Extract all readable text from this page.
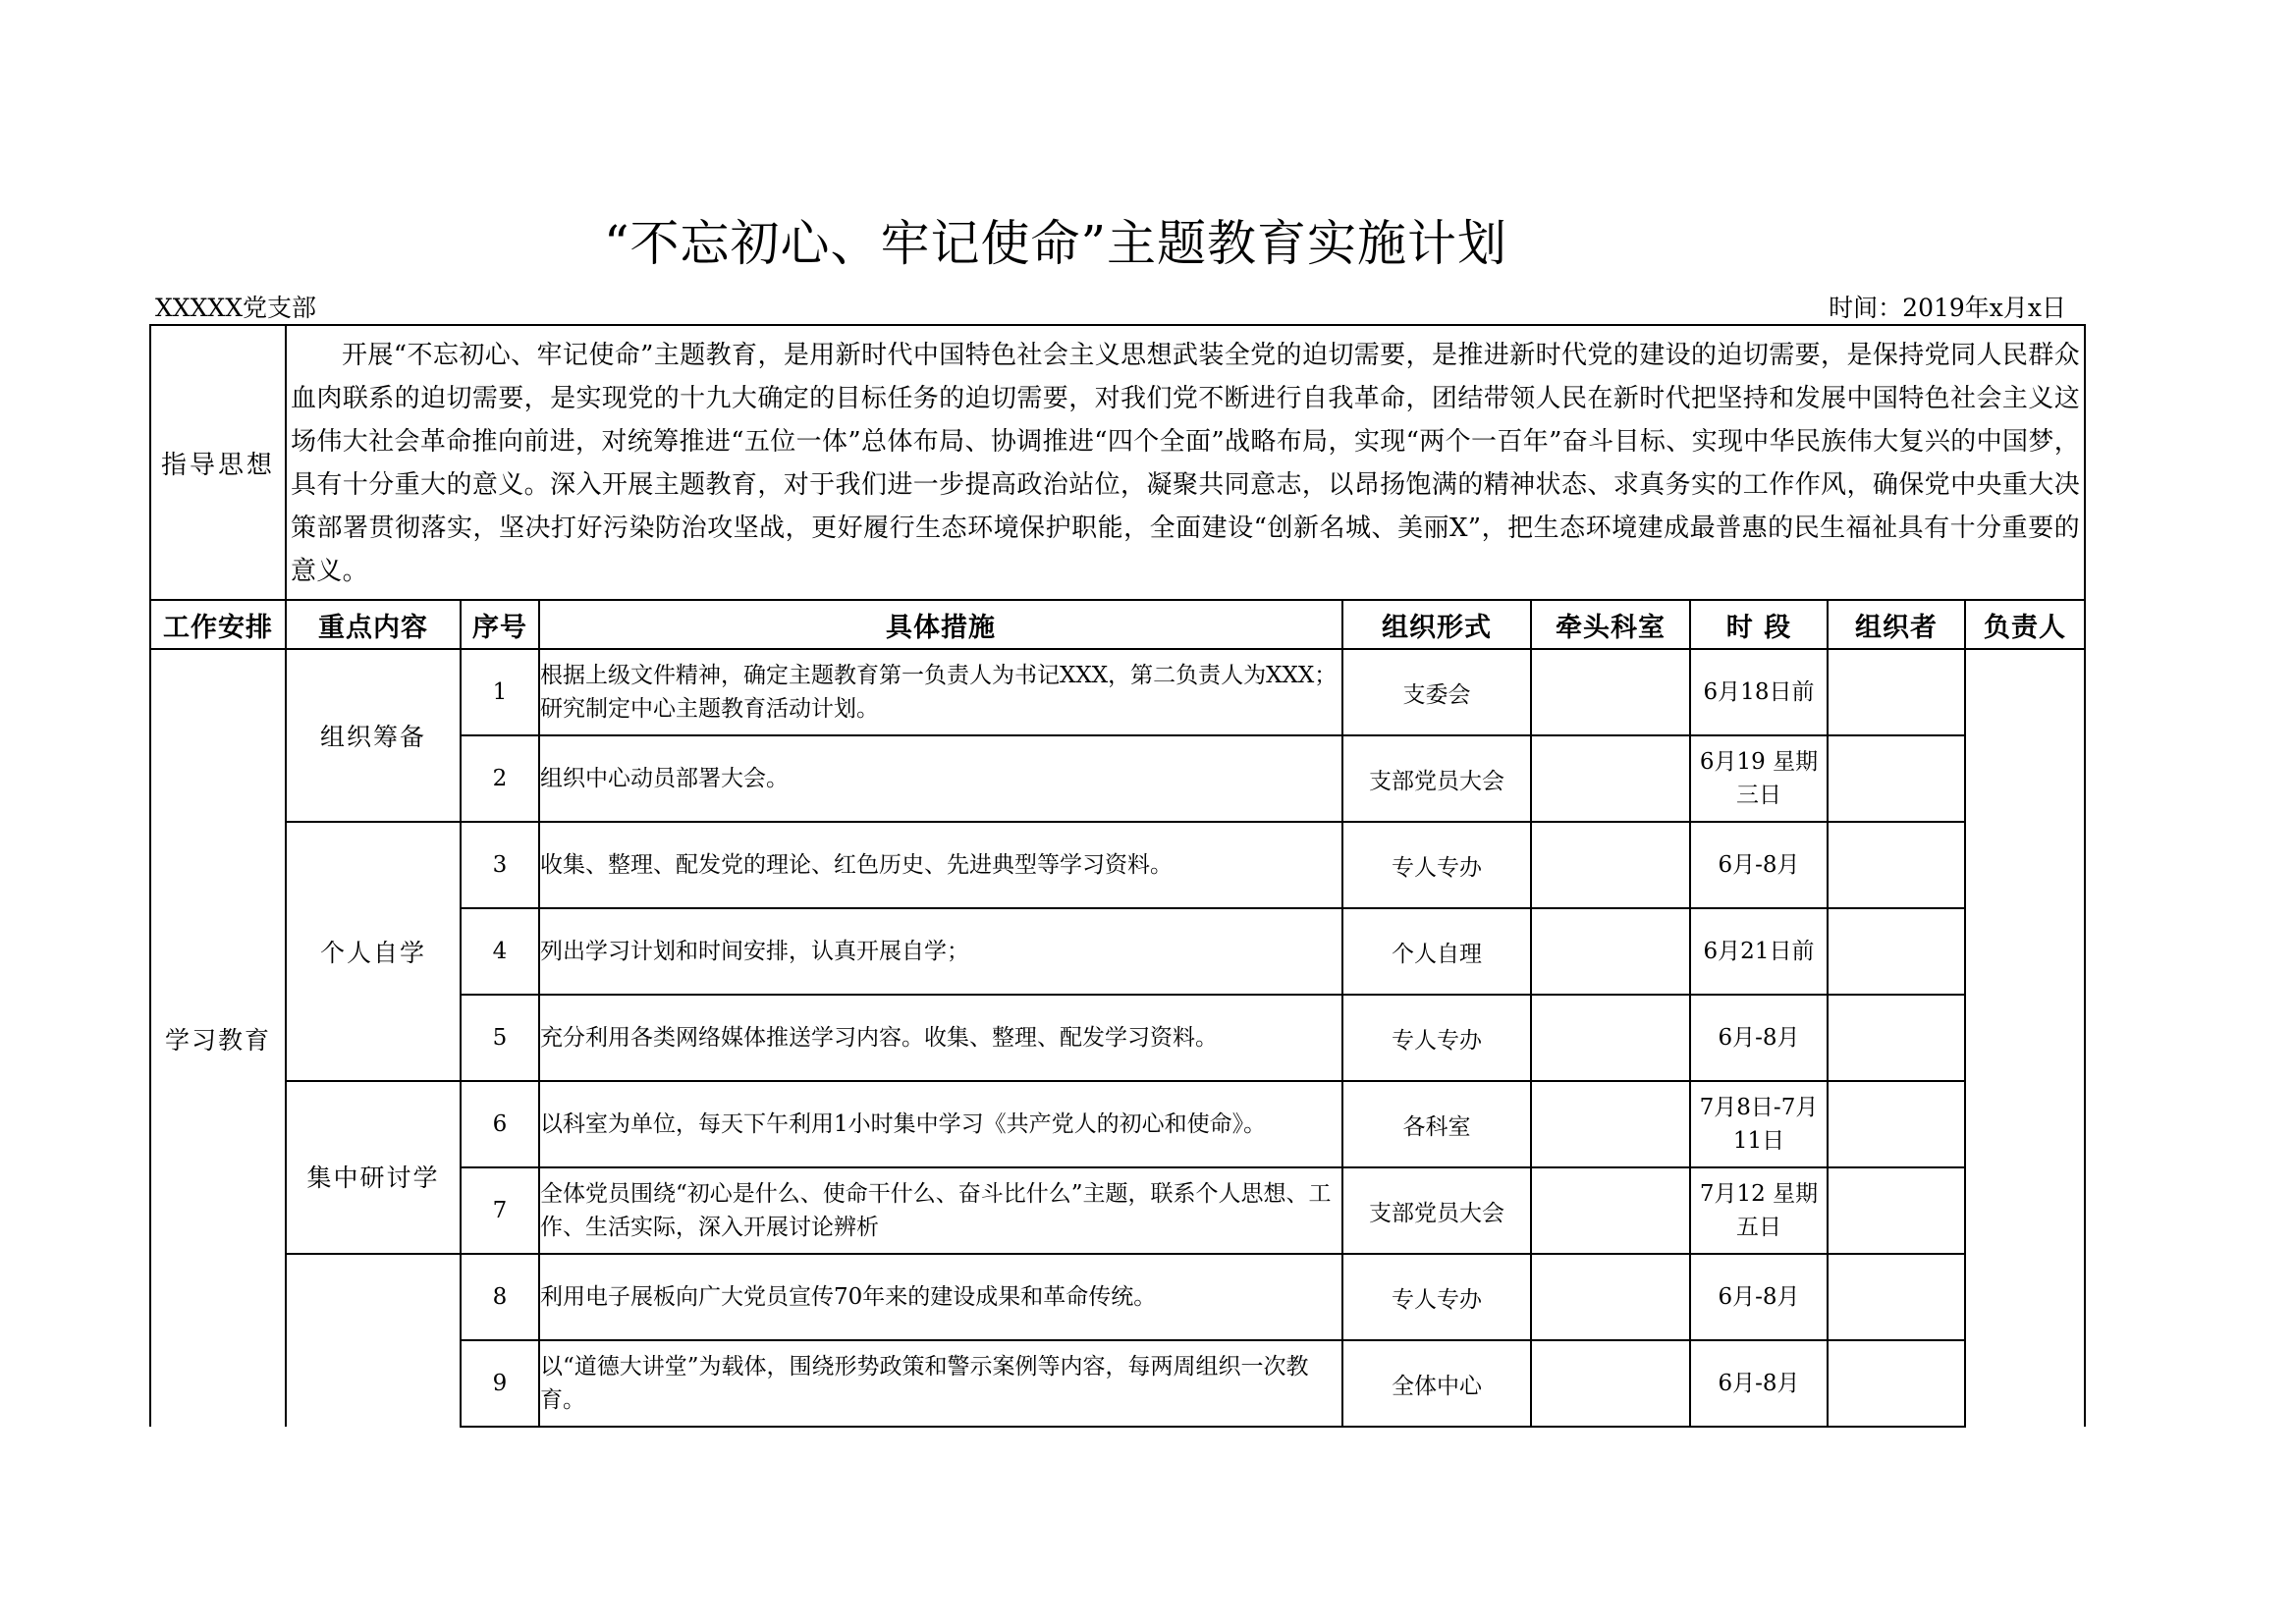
“不忘初心、牢记使命”主题教育实施计划
XXXXX党支部	时间：2019年x月x日
指导思想	开展“不忘初心、牢记使命”主题教育，是用新时代中国特色社会主义思想武装全党的迫切需要，是推进新时代党的建设的迫切需要，是保持党同人民群众血肉联系的迫切需要，是实现党的十九大确定的目标任务的迫切需要，对我们党不断进行自我革命，团结带领人民在新时代把坚持和发展中国特色社会主义这场伟大社会革命推向前进，对统筹推进“五位一体”总体布局、协调推进“四个全面”战略布局，实现“两个一百年”奋斗目标、实现中华民族伟大复兴的中国梦，具有十分重大的意义。深入开展主题教育，对于我们进一步提高政治站位，凝聚共同意志，以昂扬饱满的精神状态、求真务实的工作作风，确保党中央重大决策部署贯彻落实，坚决打好污染防治攻坚战，更好履行生态环境保护职能，全面建设“创新名城、美丽X”，把生态环境建成最普惠的民生福祉具有十分重要的意义。							
工作安排	重点内容	序号	具体措施	组织形式	牵头科室	时 段	组织者	负责人
学习教育	组织筹备	1	根据上级文件精神，确定主题教育第一负责人为书记XXX，第二负责人为XXX；研究制定中心主题教育活动计划。	支委会		6月18日前		
		2	组织中心动员部署大会。	支部党员大会		6月19 星期三日		
	个人自学	3	收集、整理、配发党的理论、红色历史、先进典型等学习资料。	专人专办		6月-8月		
		4	列出学习计划和时间安排，认真开展自学；	个人自理		6月21日前		
		5	充分利用各类网络媒体推送学习内容。收集、整理、配发学习资料。	专人专办		6月-8月		
	集中研讨学	6	以科室为单位，每天下午利用1小时集中学习《共产党人的初心和使命》。	各科室		7月8日-7月11日		
		7	全体党员围绕“初心是什么、使命干什么、奋斗比什么”主题，联系个人思想、工作、生活实际，深入开展讨论辨析	支部党员大会		7月12 星期五日		
		8	利用电子展板向广大党员宣传70年来的建设成果和革命传统。	专人专办		6月-8月		
		9	以“道德大讲堂”为载体，围绕形势政策和警示案例等内容，每两周组织一次教育。	全体中心		6月-8月		
